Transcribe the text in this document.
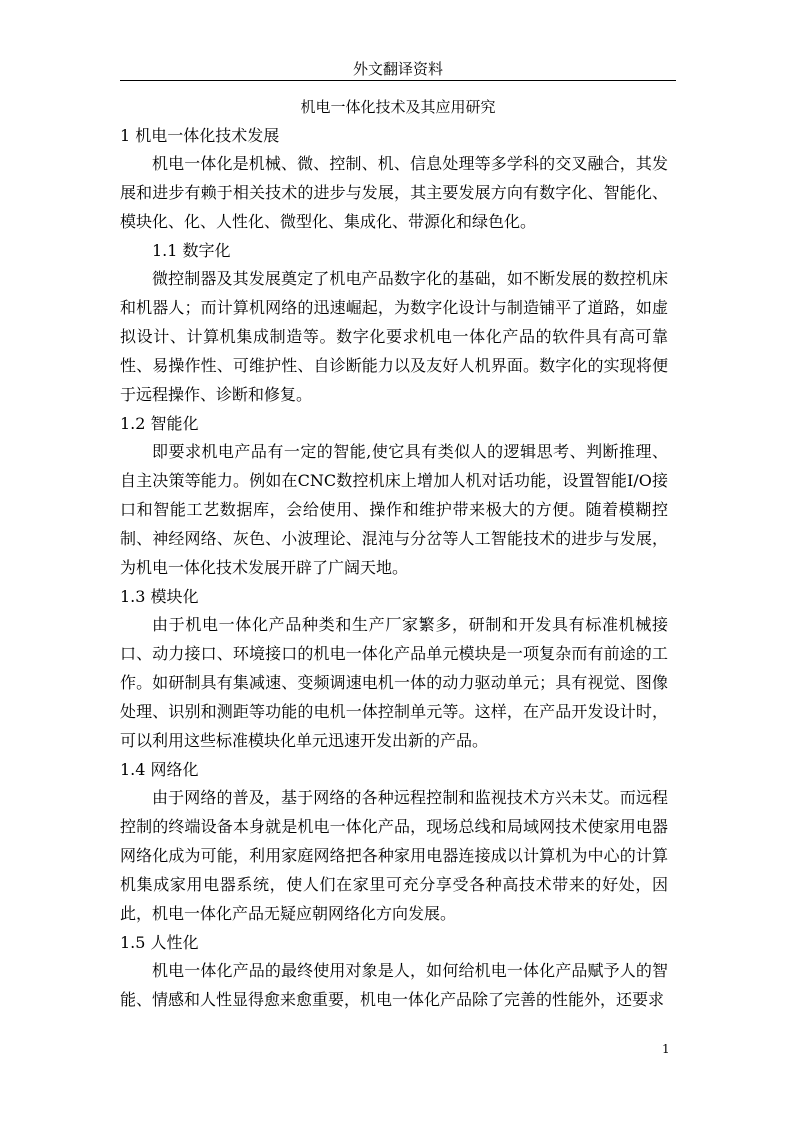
外文翻译资料
机电一体化技术及其应用研究
1 机电一体化技术发展

机电一体化是机械、微、控制、机、信息处理等多学科的交叉融合，其发展和进步有赖于相关技术的进步与发展，其主要发展方向有数字化、智能化、模块化、化、人性化、微型化、集成化、带源化和绿色化。

1.1 数字化

微控制器及其发展奠定了机电产品数字化的基础，如不断发展的数控机床和机器人；而计算机网络的迅速崛起，为数字化设计与制造铺平了道路，如虚拟设计、计算机集成制造等。数字化要求机电一体化产品的软件具有高可靠性、易操作性、可维护性、自诊断能力以及友好人机界面。数字化的实现将便于远程操作、诊断和修复。

1.2 智能化

即要求机电产品有一定的智能,使它具有类似人的逻辑思考、判断推理、自主决策等能力。例如在CNC数控机床上增加人机对话功能，设置智能I/O接口和智能工艺数据库，会给使用、操作和维护带来极大的方便。随着模糊控制、神经网络、灰色、小波理论、混沌与分岔等人工智能技术的进步与发展，为机电一体化技术发展开辟了广阔天地。

1.3 模块化

由于机电一体化产品种类和生产厂家繁多，研制和开发具有标准机械接口、动力接口、环境接口的机电一体化产品单元模块是一项复杂而有前途的工作。如研制具有集减速、变频调速电机一体的动力驱动单元；具有视觉、图像处理、识别和测距等功能的电机一体控制单元等。这样，在产品开发设计时，可以利用这些标准模块化单元迅速开发出新的产品。

1.4 网络化

由于网络的普及，基于网络的各种远程控制和监视技术方兴未艾。而远程控制的终端设备本身就是机电一体化产品，现场总线和局域网技术使家用电器网络化成为可能，利用家庭网络把各种家用电器连接成以计算机为中心的计算机集成家用电器系统，使人们在家里可充分享受各种高技术带来的好处，因此，机电一体化产品无疑应朝网络化方向发展。

1.5 人性化

机电一体化产品的最终使用对象是人，如何给机电一体化产品赋予人的智能、情感和人性显得愈来愈重要，机电一体化产品除了完善的性能外，还要求

1
